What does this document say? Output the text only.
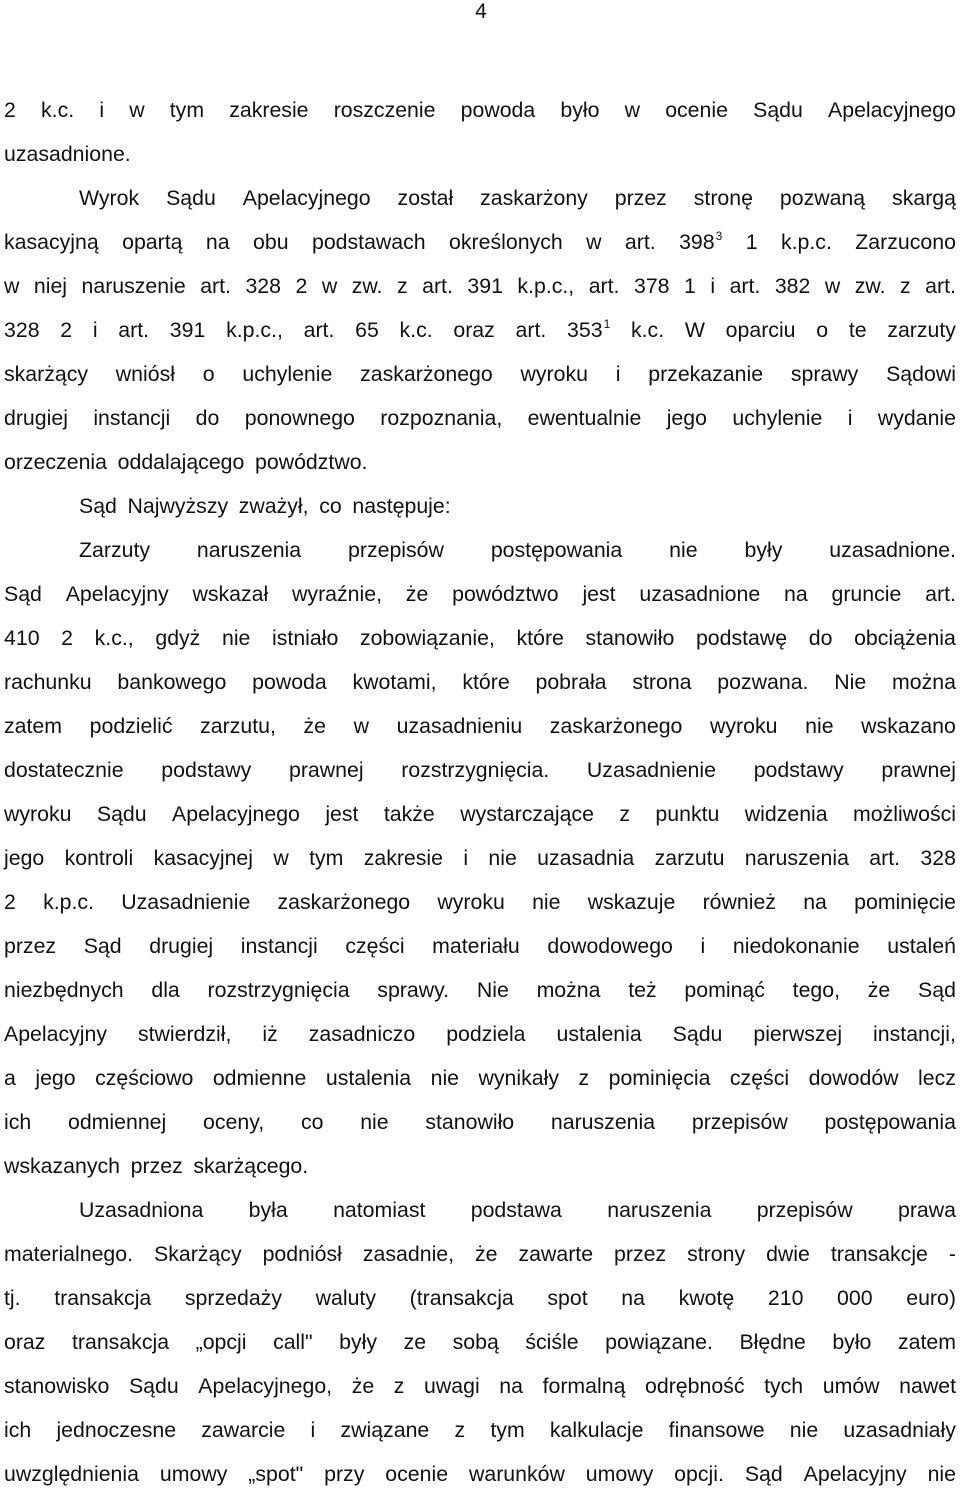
4
2 k.c. i w tym zakresie roszczenie powoda było w ocenie Sądu Apelacyjnego
uzasadnione.
Wyrok Sądu Apelacyjnego został zaskarżony przez stronę pozwaną skargą
kasacyjną opartą na obu podstawach określonych w art. $398^3$ 1 k.p.c. Zarzucono
w niej naruszenie art. 328 2 w zw. z art. 391 k.p.c., art. 378 1 i art. 382 w zw. z art.
328 2 i art. 391 k.p.c., art. 65 k.c. oraz art. $353^1$ k.c. W oparciu o te zarzuty
skarżący wniósł o uchylenie zaskarżonego wyroku i przekazanie sprawy Sądowi
drugiej instancji do ponownego rozpoznania, ewentualnie jego uchylenie i wydanie
orzeczenia oddalającego powództwo.
Sąd Najwyższy zważył, co następuje:
Zarzuty naruszenia przepisów postępowania nie były uzasadnione.
Sąd Apelacyjny wskazał wyraźnie, że powództwo jest uzasadnione na gruncie art.
410 2 k.c., gdyż nie istniało zobowiązanie, które stanowiło podstawę do obciążenia
rachunku bankowego powoda kwotami, które pobrała strona pozwana. Nie można
zatem podzielić zarzutu, że w uzasadnieniu zaskarżonego wyroku nie wskazano
dostatecznie podstawy prawnej rozstrzygnięcia. Uzasadnienie podstawy prawnej
wyroku Sądu Apelacyjnego jest także wystarczające z punktu widzenia możliwości
jego kontroli kasacyjnej w tym zakresie i nie uzasadnia zarzutu naruszenia art. 328
2 k.p.c. Uzasadnienie zaskarżonego wyroku nie wskazuje również na pominięcie
przez Sąd drugiej instancji części materiału dowodowego i niedokonanie ustaleń
niezbędnych dla rozstrzygnięcia sprawy. Nie można też pominąć tego, że Sąd
Apelacyjny stwierdził, iż zasadniczo podziela ustalenia Sądu pierwszej instancji,
a jego częściowo odmienne ustalenia nie wynikały z pominięcia części dowodów lecz
ich odmiennej oceny, co nie stanowiło naruszenia przepisów postępowania
wskazanych przez skarżącego.
Uzasadniona była natomiast podstawa naruszenia przepisów prawa
materialnego. Skarżący podniósł zasadnie, że zawarte przez strony dwie transakcje -
tj. transakcja sprzedaży waluty (transakcja spot na kwotę 210 000 euro)
oraz transakcja „opcji call" były ze sobą ściśle powiązane. Błędne było zatem
stanowisko Sądu Apelacyjnego, że z uwagi na formalną odrębność tych umów nawet
ich jednoczesne zawarcie i związane z tym kalkulacje finansowe nie uzasadniały
uwzględnienia umowy „spot" przy ocenie warunków umowy opcji. Sąd Apelacyjny nie
